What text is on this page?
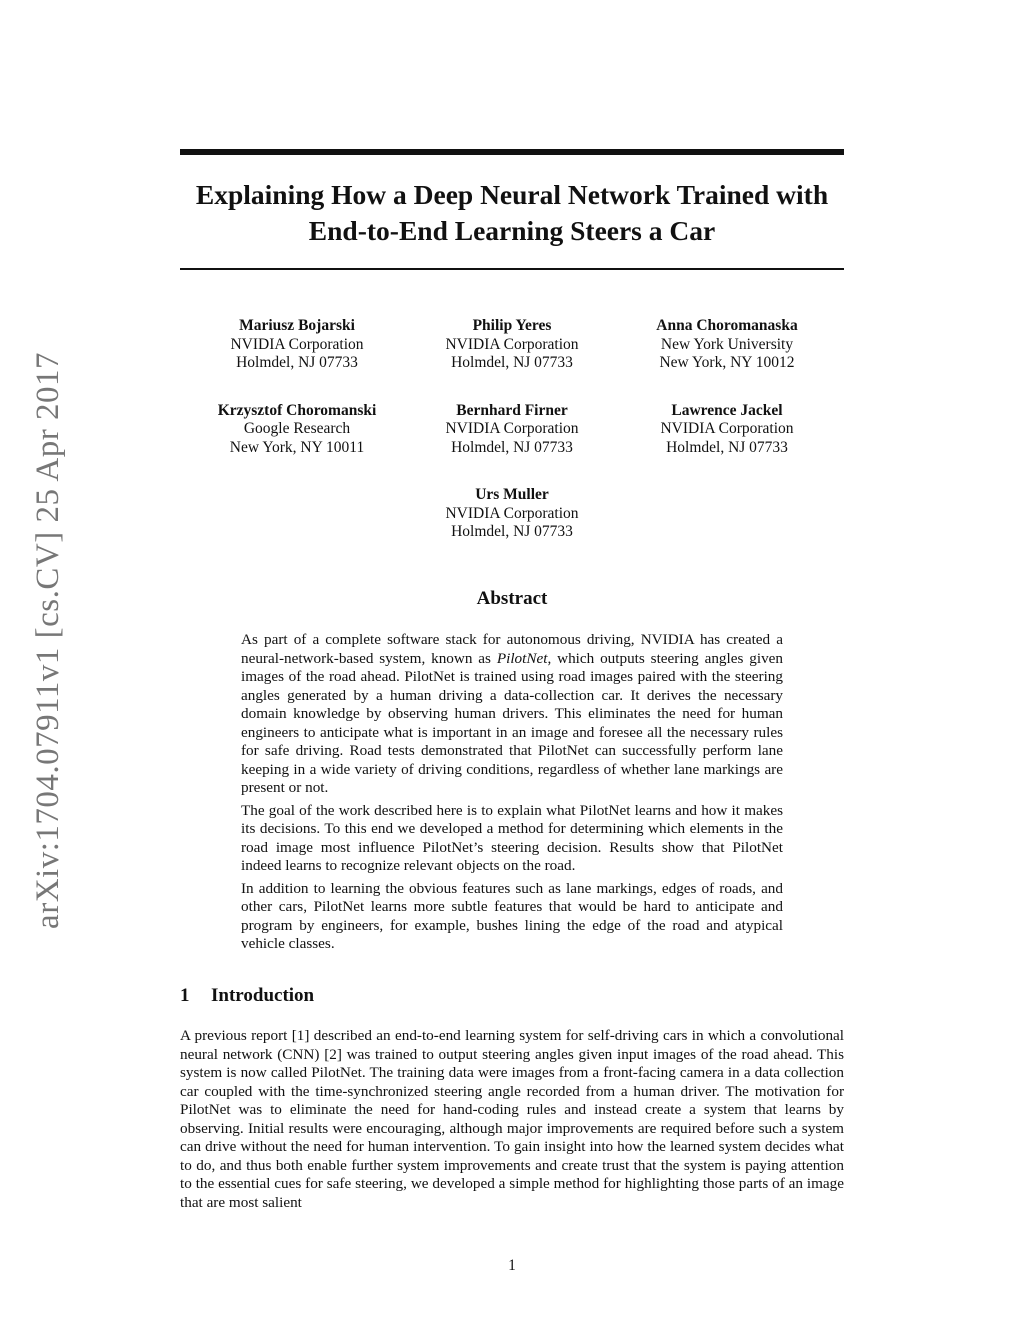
arXiv:1704.07911v1 [cs.CV] 25 Apr 2017
Explaining How a Deep Neural Network Trained with
End-to-End Learning Steers a Car
Mariusz Bojarski
NVIDIA Corporation
Holmdel, NJ 07733
Philip Yeres
NVIDIA Corporation
Holmdel, NJ 07733
Anna Choromanaska
New York University
New York, NY 10012
Krzysztof Choromanski
Google Research
New York, NY 10011
Bernhard Firner
NVIDIA Corporation
Holmdel, NJ 07733
Lawrence Jackel
NVIDIA Corporation
Holmdel, NJ 07733
Urs Muller
NVIDIA Corporation
Holmdel, NJ 07733
Abstract

As part of a complete software stack for autonomous driving, NVIDIA has created a neural-network-based system, known as PilotNet, which outputs steering angles given images of the road ahead. PilotNet is trained using road images paired with the steering angles generated by a human driving a data-collection car. It derives the necessary domain knowledge by observing human drivers. This eliminates the need for human engineers to anticipate what is important in an image and foresee all the necessary rules for safe driving. Road tests demonstrated that PilotNet can successfully perform lane keeping in a wide variety of driving conditions, regardless of whether lane markings are present or not.

The goal of the work described here is to explain what PilotNet learns and how it makes its decisions. To this end we developed a method for determining which elements in the road image most influence PilotNet’s steering decision. Results show that PilotNet indeed learns to recognize relevant objects on the road.

In addition to learning the obvious features such as lane markings, edges of roads, and other cars, PilotNet learns more subtle features that would be hard to anticipate and program by engineers, for example, bushes lining the edge of the road and atypical vehicle classes.

1 Introduction

A previous report [1] described an end-to-end learning system for self-driving cars in which a convolutional neural network (CNN) [2] was trained to output steering angles given input images of the road ahead. This system is now called PilotNet. The training data were images from a front-facing camera in a data collection car coupled with the time-synchronized steering angle recorded from a human driver. The motivation for PilotNet was to eliminate the need for hand-coding rules and instead create a system that learns by observing. Initial results were encouraging, although major improvements are required before such a system can drive without the need for human intervention. To gain insight into how the learned system decides what to do, and thus both enable further system improvements and create trust that the system is paying attention to the essential cues for safe steering, we developed a simple method for highlighting those parts of an image that are most salient

1
